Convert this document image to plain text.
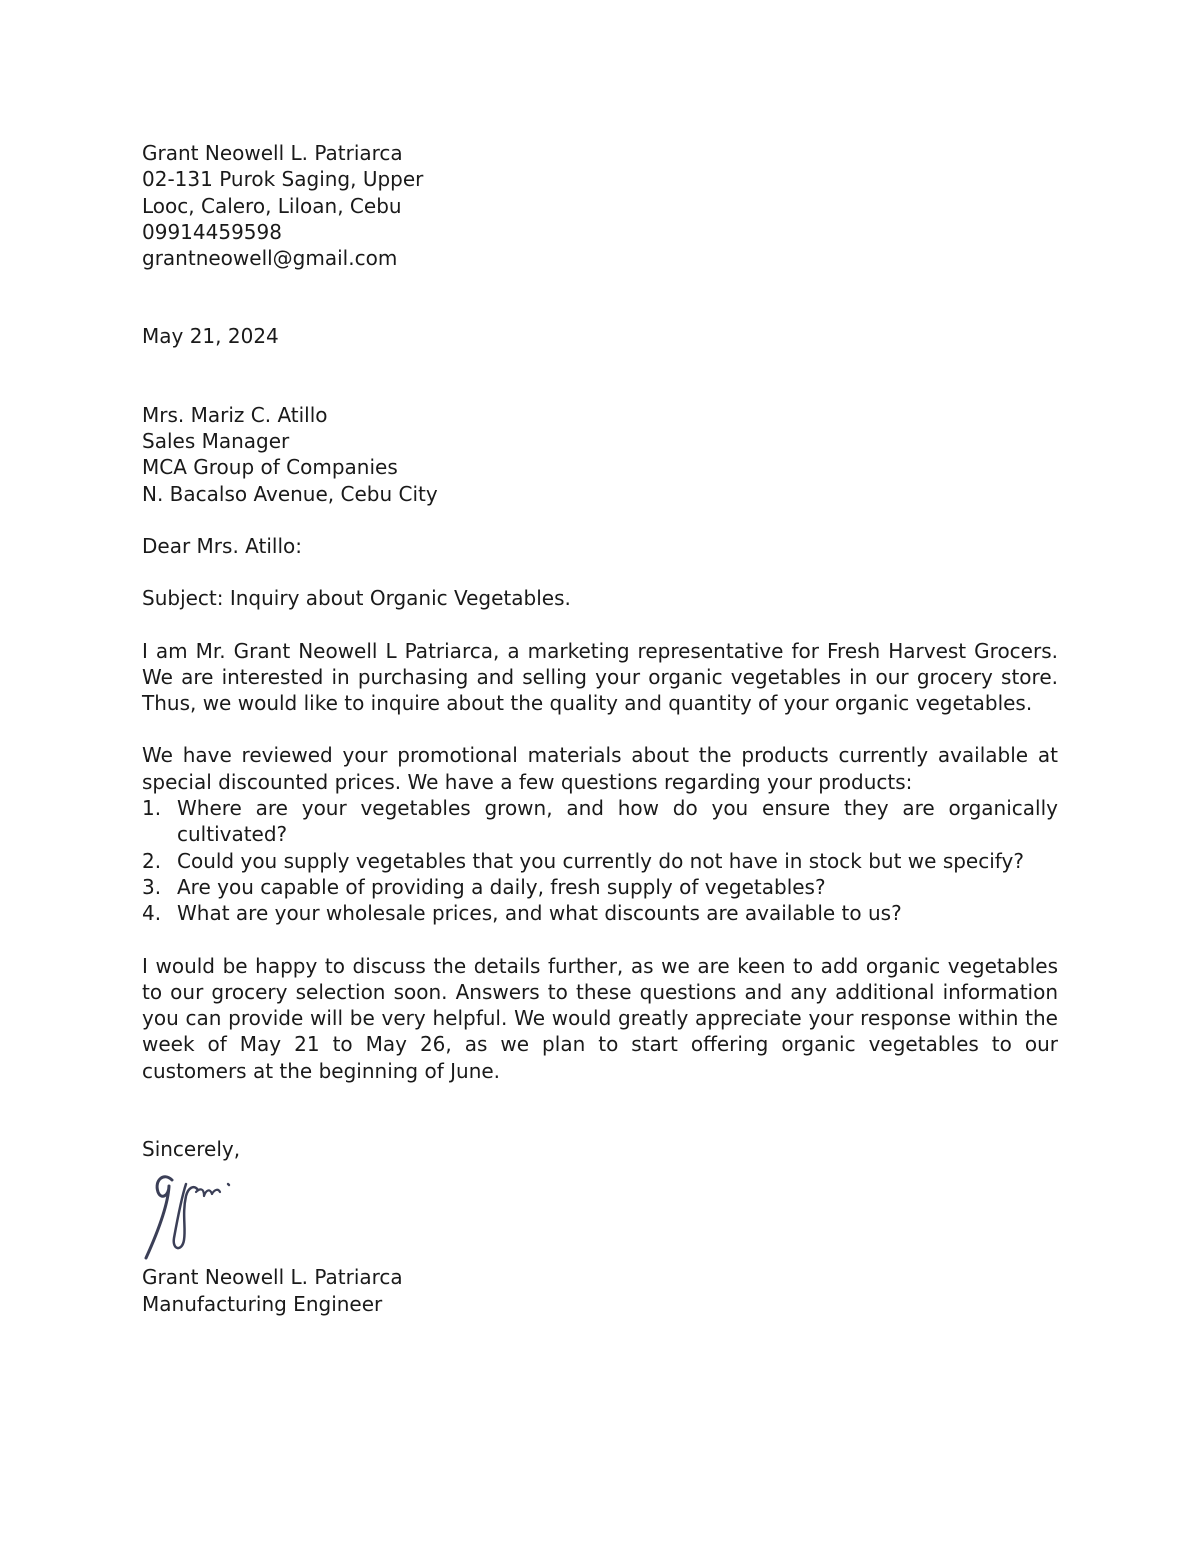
Grant Neowell L. Patriarca
02-131 Purok Saging, Upper
Looc, Calero, Liloan, Cebu
09914459598
grantneowell@gmail.com
May 21, 2024
Mrs. Mariz C. Atillo
Sales Manager
MCA Group of Companies
N. Bacalso Avenue, Cebu City
Dear Mrs. Atillo:
Subject: Inquiry about Organic Vegetables.

I am Mr. Grant Neowell L Patriarca, a marketing representative for Fresh Harvest Grocers. We are interested in purchasing and selling your organic vegetables in our grocery store. Thus, we would like to inquire about the quality and quantity of your organic vegetables.

We have reviewed your promotional materials about the products currently available at special discounted prices. We have a few questions regarding your products:

1. Where are your vegetables grown, and how do you ensure they are organically cultivated?
2. Could you supply vegetables that you currently do not have in stock but we specify?
3. Are you capable of providing a daily, fresh supply of vegetables?
4. What are your wholesale prices, and what discounts are available to us?

I would be happy to discuss the details further, as we are keen to add organic vegetables to our grocery selection soon. Answers to these questions and any additional information you can provide will be very helpful. We would greatly appreciate your response within the week of May 21 to May 26, as we plan to start offering organic vegetables to our customers at the beginning of June.

Sincerely,
Grant Neowell L. Patriarca
Manufacturing Engineer
